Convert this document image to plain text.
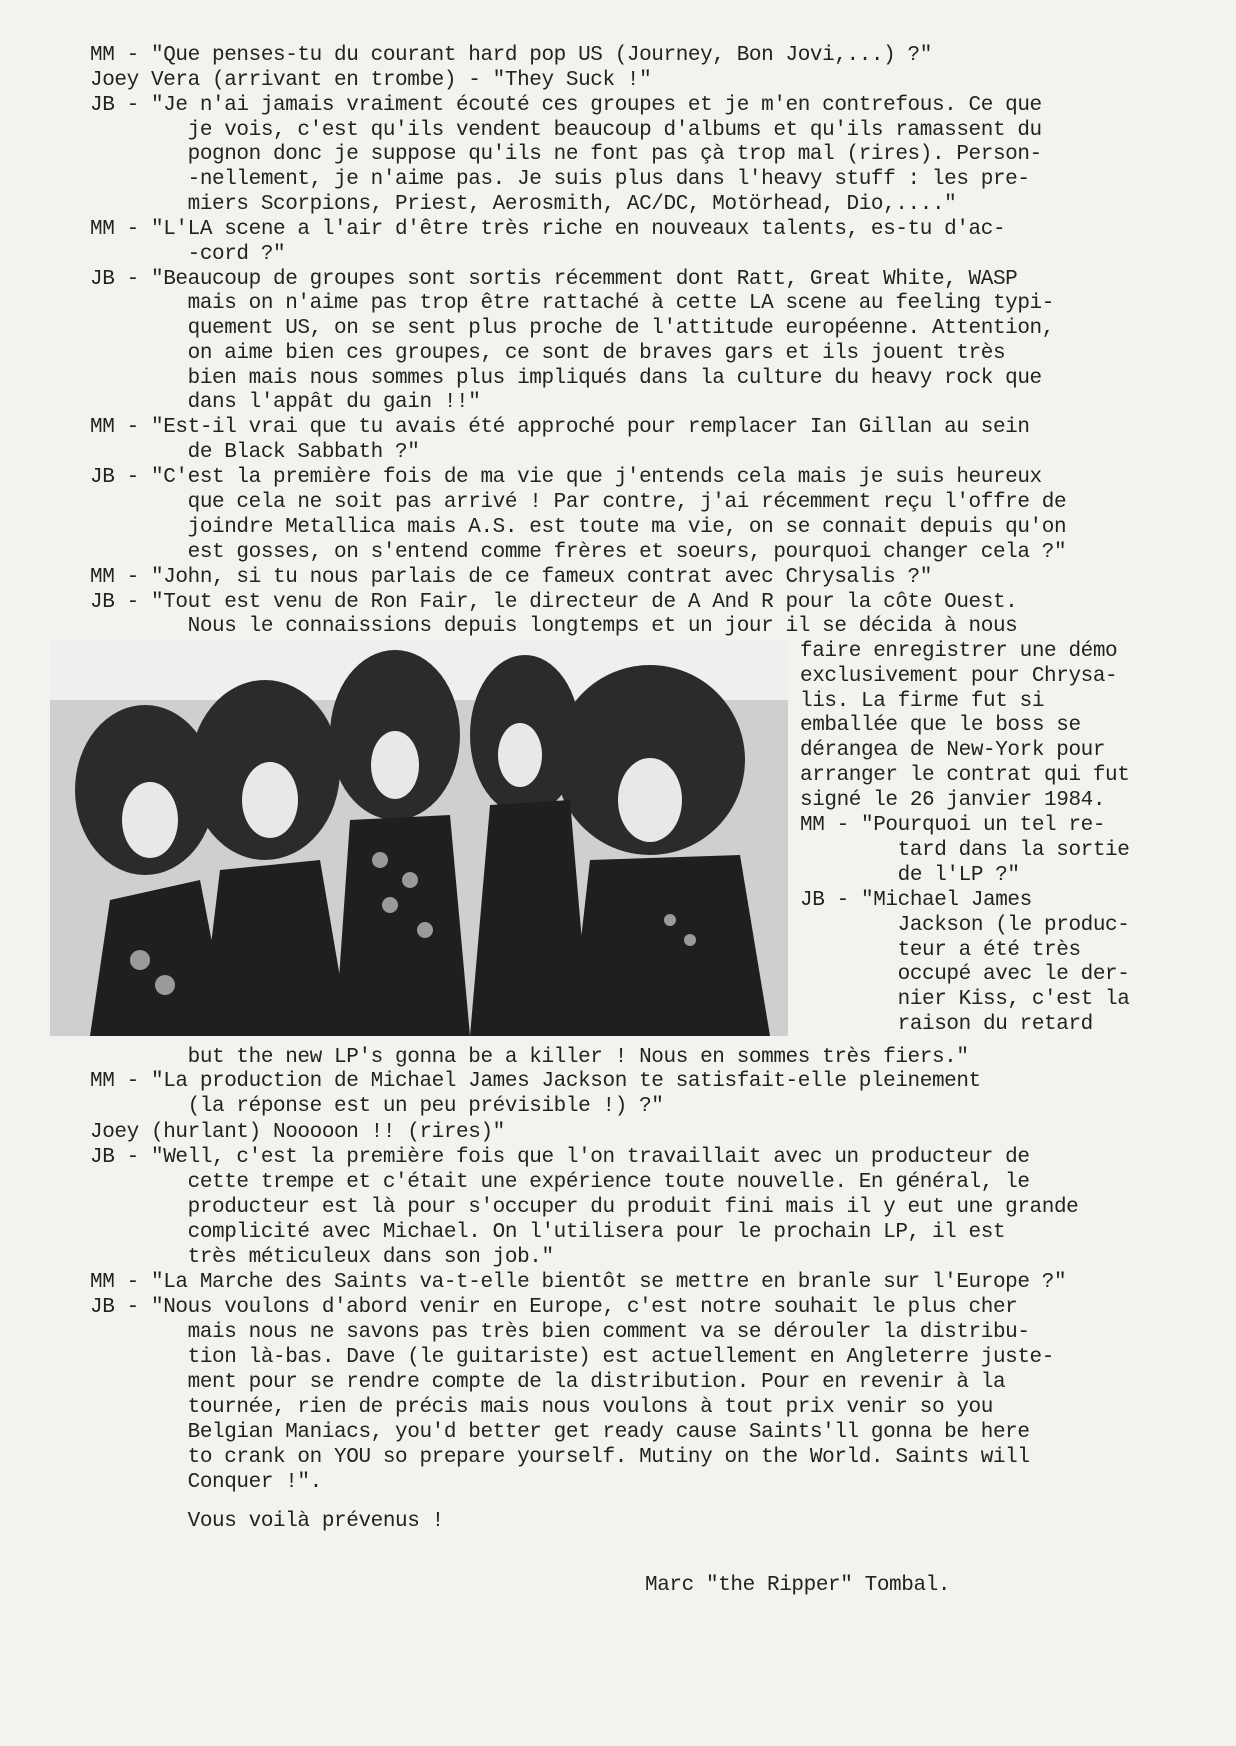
MM - "Que penses-tu du courant hard pop US (Journey, Bon Jovi,...) ?"
Joey Vera (arrivant en trombe) - "They Suck !"
JB - "Je n'ai jamais vraiment écouté ces groupes et je m'en contrefous. Ce que
je vois, c'est qu'ils vendent beaucoup d'albums et qu'ils ramassent du
pognon donc je suppose qu'ils ne font pas çà trop mal (rires). Person-
-nellement, je n'aime pas. Je suis plus dans l'heavy stuff : les pre-
miers Scorpions, Priest, Aerosmith, AC/DC, Motörhead, Dio,...."
MM - "L'LA scene a l'air d'être très riche en nouveaux talents, es-tu d'ac-
-cord ?"
JB - "Beaucoup de groupes sont sortis récemment dont Ratt, Great White, WASP
mais on n'aime pas trop être rattaché à cette LA scene au feeling typi-
quement US, on se sent plus proche de l'attitude européenne. Attention,
on aime bien ces groupes, ce sont de braves gars et ils jouent très
bien mais nous sommes plus impliqués dans la culture du heavy rock que
dans l'appât du gain !!"
MM - "Est-il vrai que tu avais été approché pour remplacer Ian Gillan au sein
de Black Sabbath ?"
JB - "C'est la première fois de ma vie que j'entends cela mais je suis heureux
que cela ne soit pas arrivé ! Par contre, j'ai récemment reçu l'offre de
joindre Metallica mais A.S. est toute ma vie, on se connait depuis qu'on
est gosses, on s'entend comme frères et soeurs, pourquoi changer cela ?"
MM - "John, si tu nous parlais de ce fameux contrat avec Chrysalis ?"
JB - "Tout est venu de Ron Fair, le directeur de A And R pour la côte Ouest.
Nous le connaissions depuis longtemps et un jour il se décida à nous
faire enregistrer une démo
exclusivement pour Chrysa-
lis. La firme fut si
emballée que le boss se
dérangea de New-York pour
arranger le contrat qui fut
signé le 26 janvier 1984.
MM - "Pourquoi un tel re-
tard dans la sortie
de l'LP ?"
JB - "Michael James
Jackson (le produc-
teur a été très
occupé avec le der-
nier Kiss, c'est la
raison du retard
but the new LP's gonna be a killer ! Nous en sommes très fiers."
MM - "La production de Michael James Jackson te satisfait-elle pleinement
(la réponse est un peu prévisible !) ?"
Joey (hurlant) Nooooon !! (rires)"
JB - "Well, c'est la première fois que l'on travaillait avec un producteur de
cette trempe et c'était une expérience toute nouvelle. En général, le
producteur est là pour s'occuper du produit fini mais il y eut une grande
complicité avec Michael. On l'utilisera pour le prochain LP, il est
très méticuleux dans son job."
MM - "La Marche des Saints va-t-elle bientôt se mettre en branle sur l'Europe ?"
JB - "Nous voulons d'abord venir en Europe, c'est notre souhait le plus cher
mais nous ne savons pas très bien comment va se dérouler la distribu-
tion là-bas. Dave (le guitariste) est actuellement en Angleterre juste-
ment pour se rendre compte de la distribution. Pour en revenir à la
tournée, rien de précis mais nous voulons à tout prix venir so you
Belgian Maniacs, you'd better get ready cause Saints'll gonna be here
to crank on YOU so prepare yourself. Mutiny on the World. Saints will
Conquer !".
Vous voilà prévenus !
Marc "the Ripper" Tombal.
